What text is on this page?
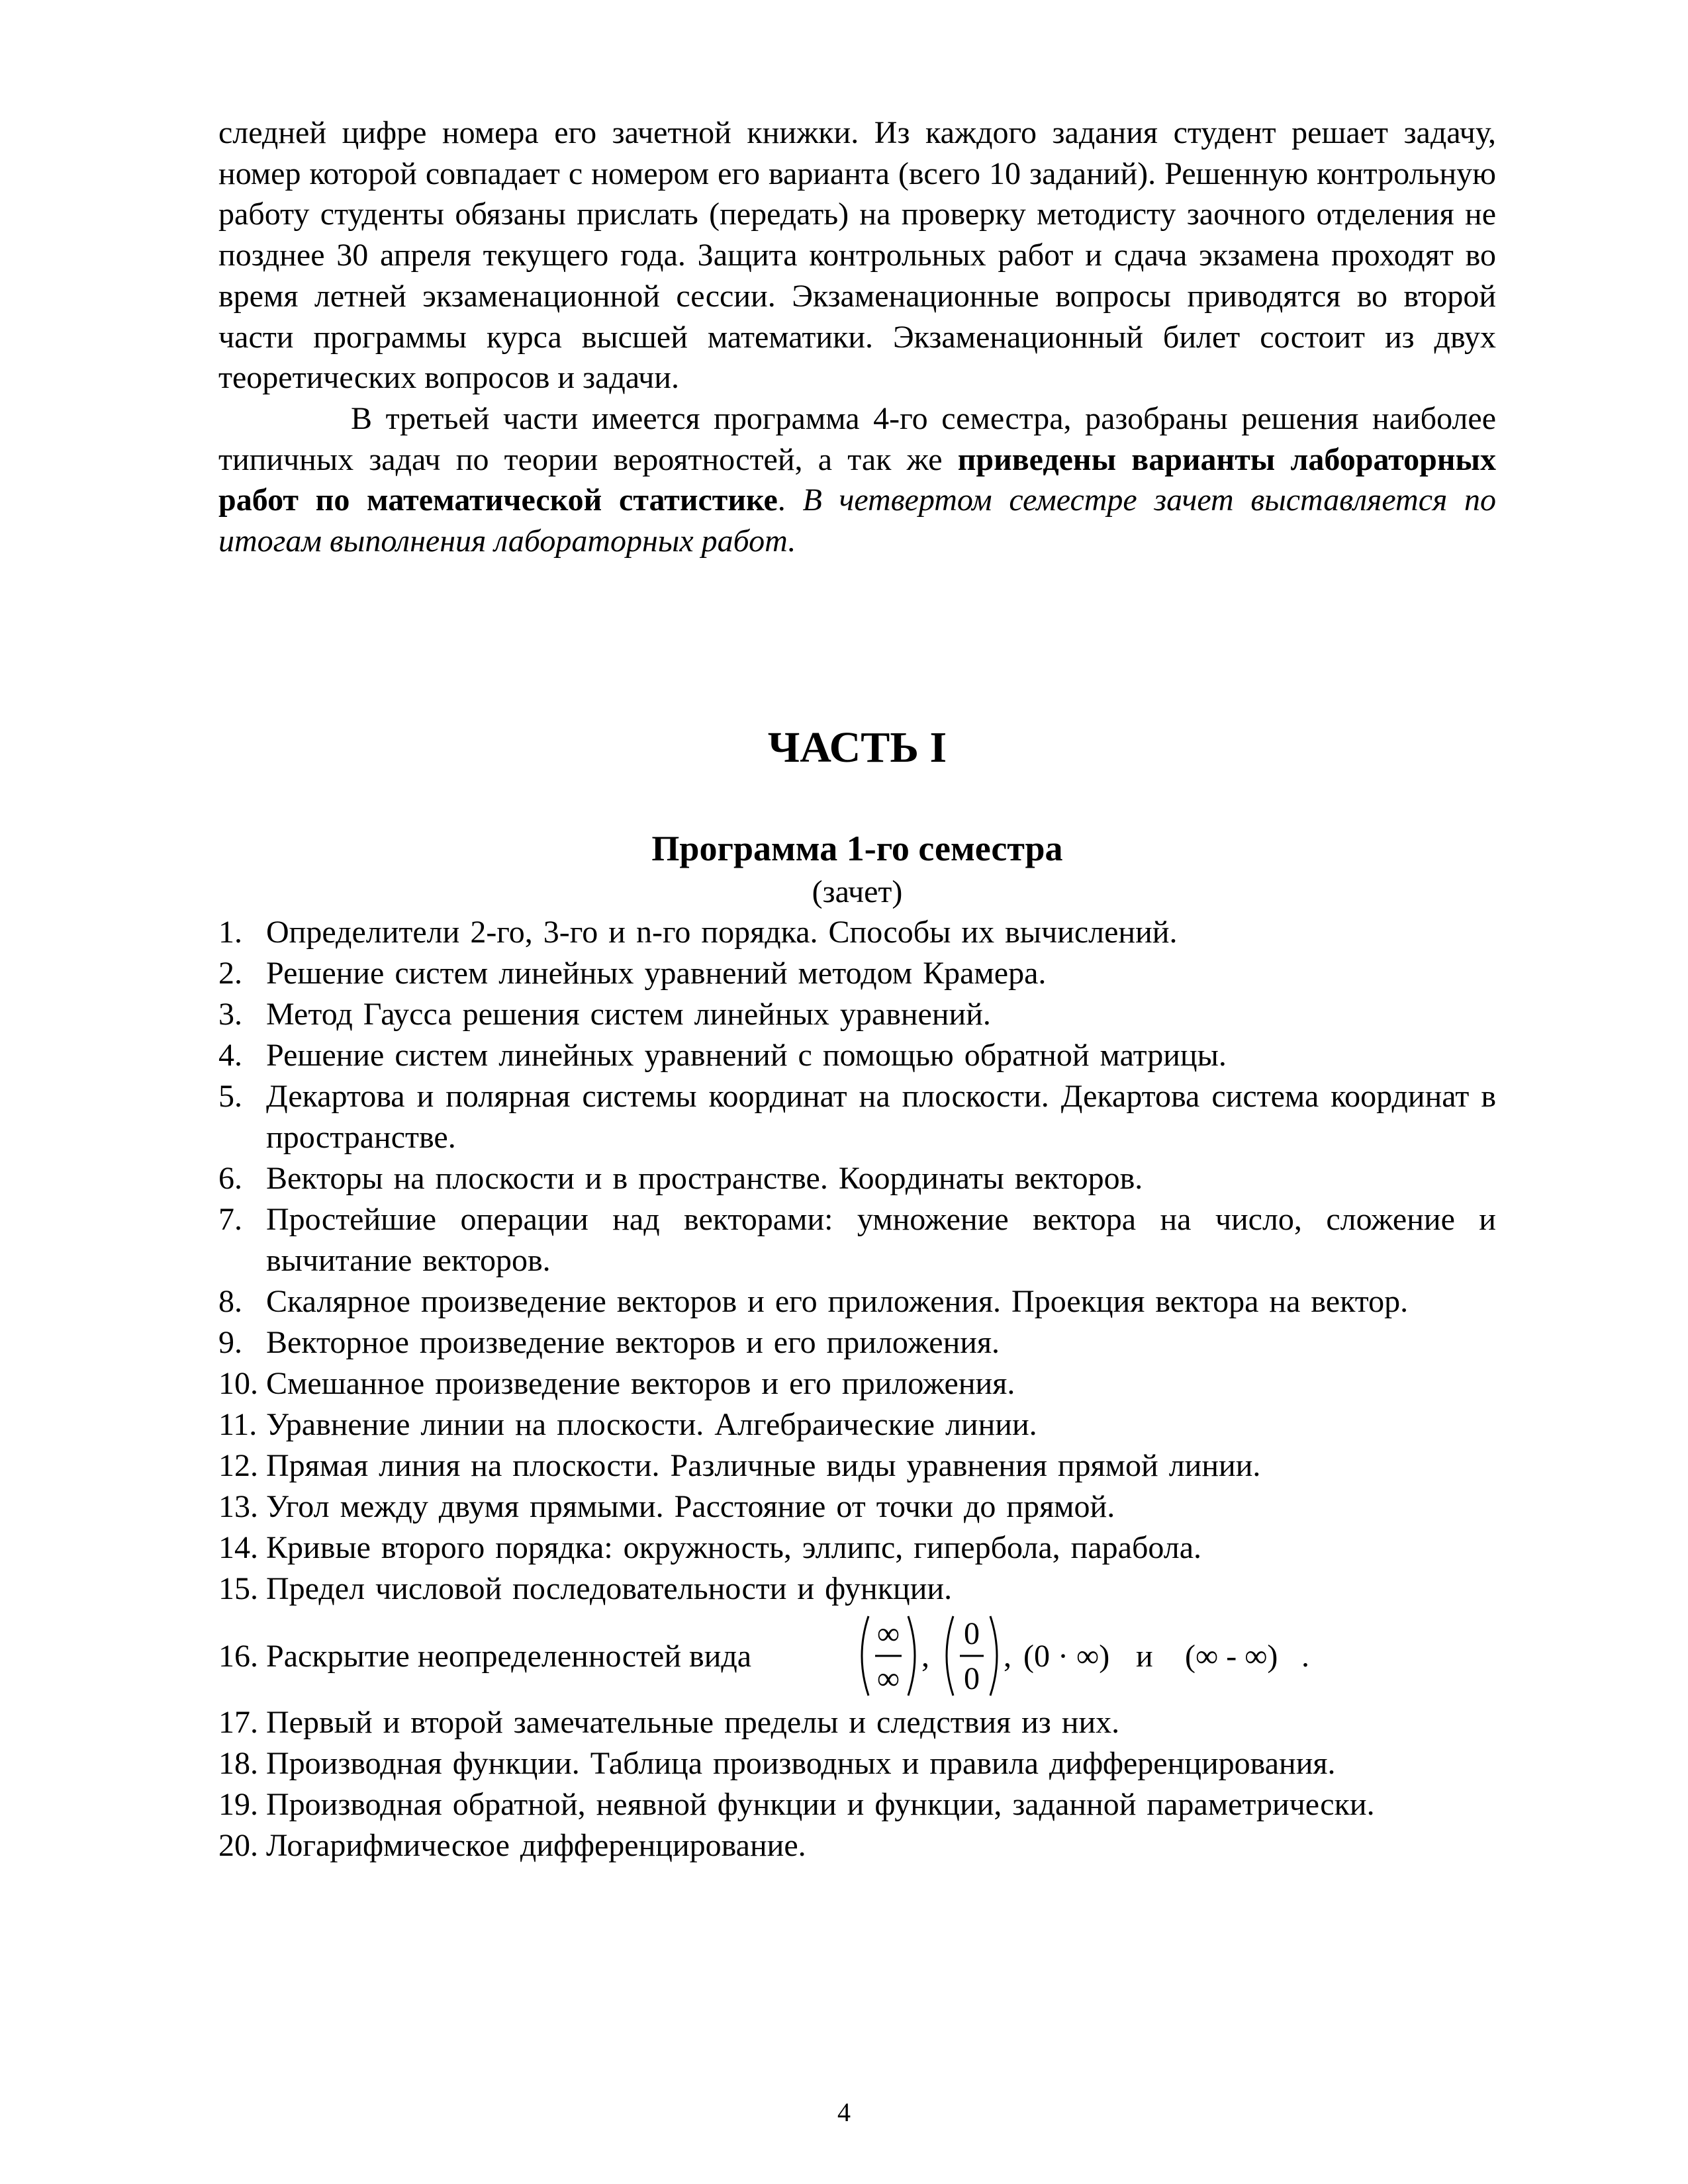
следней цифре номера его зачетной книжки. Из каждого задания студент решает задачу, номер которой совпадает с номером его варианта (всего 10 заданий). Решенную контрольную работу студенты обязаны прислать (передать) на проверку методисту заочного отделения не позднее 30 апреля текущего года. Защита контрольных работ и сдача экзамена проходят во время летней экзаменационной сессии. Экзаменационные вопросы приводятся во второй части программы курса высшей математики. Экзаменационный билет состоит из двух теоретических вопросов и задачи.

В третьей части имеется программа 4-го семестра, разобраны решения наиболее типичных задач по теории вероятностей, а так же приведены варианты лабораторных работ по математической статистике. В четвертом семестре зачет выставляется по итогам выполнения лабораторных работ.

ЧАСТЬ I
Программа 1-го семестра
(зачет)
1. Определители 2-го, 3-го и n-го порядка. Способы их вычислений.
2. Решение систем линейных уравнений методом Крамера.
3. Метод Гаусса решения систем линейных уравнений.
4. Решение систем линейных уравнений с помощью обратной матрицы.
5. Декартова и полярная системы координат на плоскости. Декартова система координат в пространстве.
6. Векторы на плоскости и в пространстве. Координаты векторов.
7. Простейшие операции над векторами: умножение вектора на число, сложение и вычитание векторов.
8. Скалярное произведение векторов и его приложения. Проекция вектора на вектор.
9. Векторное произведение векторов и его приложения.
10. Смешанное произведение векторов и его приложения.
11. Уравнение линии на плоскости. Алгебраические линии.
12. Прямая линия на плоскости. Различные виды уравнения прямой линии.
13. Угол между двумя прямыми. Расстояние от точки до прямой.
14. Кривые второго порядка: окружность, эллипс, гипербола, парабола.
15. Предел числовой последовательности и функции.
16. Раскрытие неопределенностей вида
∞
∞
,
0
0
, (0 · ∞) и (∞ - ∞) .
17. Первый и второй замечательные пределы и следствия из них.
18. Производная функции. Таблица производных и правила дифференцирования.
19. Производная обратной, неявной функции и функции, заданной параметрически.
20. Логарифмическое дифференцирование.
4
